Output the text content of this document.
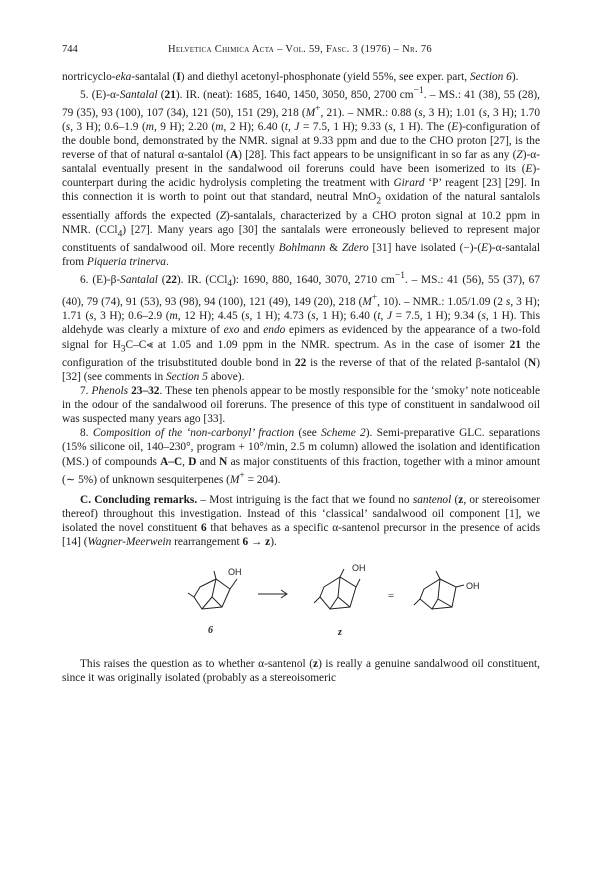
744	Helvetica Chimica Acta – Vol. 59, Fasc. 3 (1976) – Nr. 76

nortricyclo-eka-santalal (I) and diethyl acetonyl-phosphonate (yield 55%, see exper. part, Section 6).

5. (E)-α-Santalal (21). IR. (neat): 1685, 1640, 1450, 3050, 850, 2700 $cm^{-1}$. – MS.: 41 (38), 55 (28), 79 (35), 93 (100), 107 (34), 121 (50), 151 (29), 218 (M+, 21). – NMR.: 0.88 (s, 3 H); 1.01 (s, 3 H); 1.70 (s, 3 H); 0.6–1.9 (m, 9 H); 2.20 (m, 2 H); 6.40 (t, J = 7.5, 1 H); 9.33 (s, 1 H). The (E)-configuration of the double bond, demonstrated by the NMR. signal at 9.33 ppm and due to the CHO proton [27], is the reverse of that of natural α-santalol (A) [28]. This fact appears to be unsignificant in so far as any (Z)-α-santalal eventually present in the sandalwood oil foreruns could have been isomerized to its (E)-counterpart during the acidic hydrolysis completing the treatment with Girard ‘P’ reagent [23] [29]. In this connection it is worth to point out that standard, neutral MnO$_2$ oxidation of the natural santalols essentially affords the expected (Z)-santalals, characterized by a CHO proton signal at 10.2 ppm in NMR. (CCl$_4$) [27]. Many years ago [30] the santalals were erroneously believed to represent major constituents of sandalwood oil. More recently Bohlmann & Zdero [31] have isolated (−)-(E)-α-santalal from Piqueria trinerva.

6. (E)-β-Santalal (22). IR. (CCl$_4$): 1690, 880, 1640, 3070, 2710 $cm^{-1}$. – MS.: 41 (56), 55 (37), 67 (40), 79 (74), 91 (53), 93 (98), 94 (100), 121 (49), 149 (20), 218 (M+, 10). – NMR.: 1.05/1.09 (2 s, 3 H); 1.71 (s, 3 H); 0.6–2.9 (m, 12 H); 4.45 (s, 1 H); 4.73 (s, 1 H); 6.40 (t, J = 7.5, 1 H); 9.34 (s, 1 H). This aldehyde was clearly a mixture of exo and endo epimers as evidenced by the appearance of a two-fold signal for $H_3C-C⪡$ at 1.05 and 1.09 ppm in the NMR. spectrum. As in the case of isomer 21 the configuration of the trisubstituted double bond in 22 is the reverse of that of the related β-santalol (N) [32] (see comments in Section 5 above).

7. Phenols 23–32. These ten phenols appear to be mostly responsible for the ‘smoky’ note noticeable in the odour of the sandalwood oil foreruns. The presence of this type of constituent in sandalwood oil was suspected many years ago [33].

8. Composition of the ‘non-carbonyl’ fraction (see Scheme 2). Semi-preparative GLC. separations (15% silicone oil, 140–230°, program + 10°/min, 2.5 m column) allowed the isolation and identification (MS.) of compounds A–C, D and N as major constituents of this fraction, together with a minor amount (∼ 5%) of unknown sesquiterpenes (M+ = 204).

C. Concluding remarks. – Most intriguing is the fact that we found no santenol (z, or stereoisomer thereof) throughout this investigation. Instead of this ‘classical’ sandalwood oil component [1], we isolated the novel constituent 6 that behaves as a specific α-santenol precursor in the presence of acids [14] (Wagner-Meerwein rearrangement 6 → z).

OH	OH
OH
=
6	z

This raises the question as to whether α-santenol (z) is really a genuine sandalwood oil constituent, since it was originally isolated (probably as a stereoisomeric
